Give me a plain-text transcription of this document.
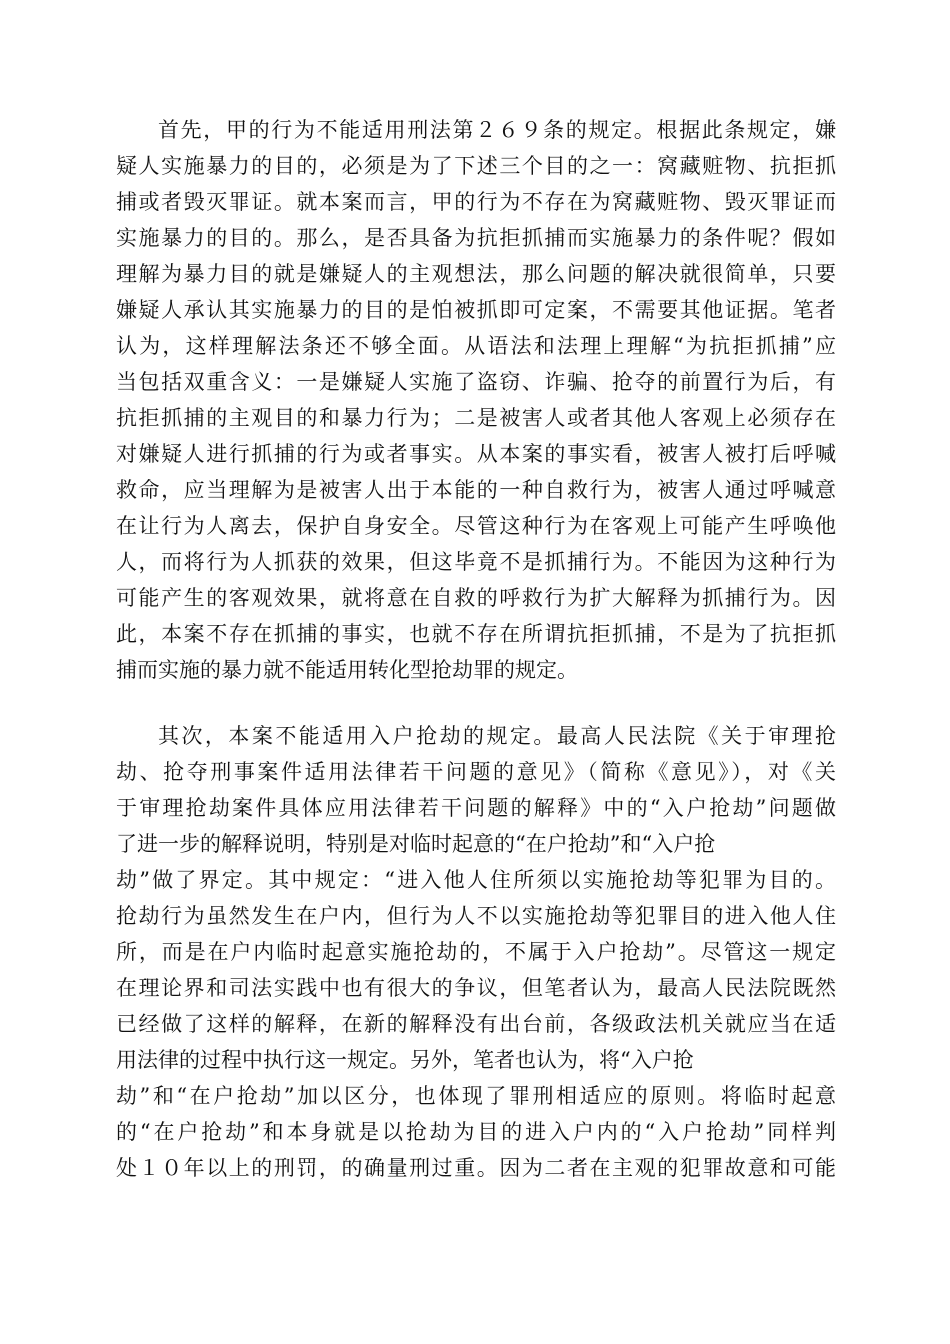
首先，甲的行为不能适用刑法第２６９条的规定。根据此条规定，嫌
疑人实施暴力的目的，必须是为了下述三个目的之一：窝藏赃物、抗拒抓
捕或者毁灭罪证。就本案而言，甲的行为不存在为窝藏赃物、毁灭罪证而
实施暴力的目的。那么，是否具备为抗拒抓捕而实施暴力的条件呢？假如
理解为暴力目的就是嫌疑人的主观想法，那么问题的解决就很简单，只要
嫌疑人承认其实施暴力的目的是怕被抓即可定案，不需要其他证据。笔者
认为，这样理解法条还不够全面。从语法和法理上理解“为抗拒抓捕”应
当包括双重含义：一是嫌疑人实施了盗窃、诈骗、抢夺的前置行为后，有
抗拒抓捕的主观目的和暴力行为；二是被害人或者其他人客观上必须存在
对嫌疑人进行抓捕的行为或者事实。从本案的事实看，被害人被打后呼喊
救命，应当理解为是被害人出于本能的一种自救行为，被害人通过呼喊意
在让行为人离去，保护自身安全。尽管这种行为在客观上可能产生呼唤他
人，而将行为人抓获的效果，但这毕竟不是抓捕行为。不能因为这种行为
可能产生的客观效果，就将意在自救的呼救行为扩大解释为抓捕行为。因
此，本案不存在抓捕的事实，也就不存在所谓抗拒抓捕，不是为了抗拒抓
捕而实施的暴力就不能适用转化型抢劫罪的规定。
其次，本案不能适用入户抢劫的规定。最高人民法院《关于审理抢
劫、抢夺刑事案件适用法律若干问题的意见》（简称《意见》），对《关
于审理抢劫案件具体应用法律若干问题的解释》中的“入户抢劫”问题做
了进一步的解释说明，特别是对临时起意的“在户抢劫”和“入户抢
劫”做了界定。其中规定：“进入他人住所须以实施抢劫等犯罪为目的。
抢劫行为虽然发生在户内，但行为人不以实施抢劫等犯罪目的进入他人住
所，而是在户内临时起意实施抢劫的，不属于入户抢劫”。尽管这一规定
在理论界和司法实践中也有很大的争议，但笔者认为，最高人民法院既然
已经做了这样的解释，在新的解释没有出台前，各级政法机关就应当在适
用法律的过程中执行这一规定。另外，笔者也认为，将“入户抢
劫”和“在户抢劫”加以区分，也体现了罪刑相适应的原则。将临时起意
的“在户抢劫”和本身就是以抢劫为目的进入户内的“入户抢劫”同样判
处１０年以上的刑罚，的确量刑过重。因为二者在主观的犯罪故意和可能
